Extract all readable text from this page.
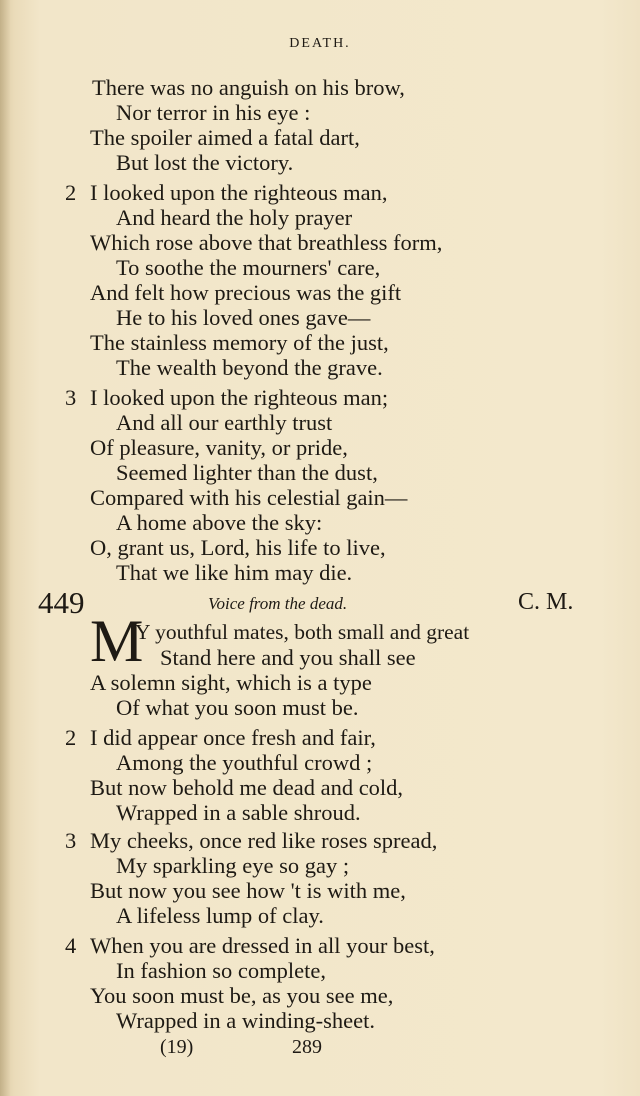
DEATH.
There was no anguish on his brow,
Nor terror in his eye :
The spoiler aimed a fatal dart,
But lost the victory.
2 I looked upon the righteous man,
And heard the holy prayer
Which rose above that breathless form,
To soothe the mourners' care,
And felt how precious was the gift
He to his loved ones gave—
The stainless memory of the just,
The wealth beyond the grave.
3 I looked upon the righteous man;
And all our earthly trust
Of pleasure, vanity, or pride,
Seemed lighter than the dust,
Compared with his celestial gain—
A home above the sky:
O, grant us, Lord, his life to live,
That we like him may die.
449	Voice from the dead.	C. M.
M
Y youthful mates, both small and great
Stand here and you shall see
A solemn sight, which is a type
Of what you soon must be.
2 I did appear once fresh and fair,
Among the youthful crowd ;
But now behold me dead and cold,
Wrapped in a sable shroud.
3 My cheeks, once red like roses spread,
My sparkling eye so gay ;
But now you see how 't is with me,
A lifeless lump of clay.
4 When you are dressed in all your best,
In fashion so complete,
You soon must be, as you see me,
Wrapped in a winding-sheet.
(19)	289
